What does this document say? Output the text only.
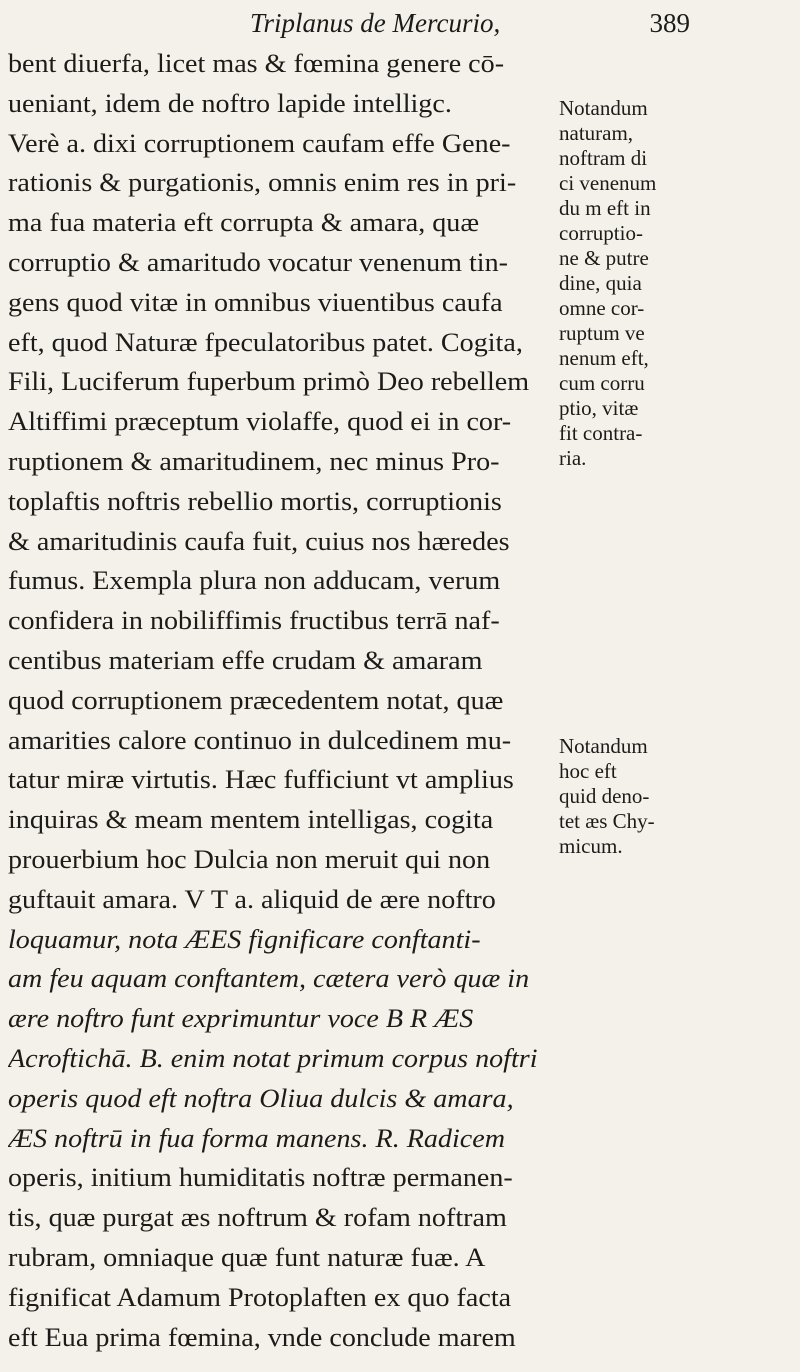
Triplanus de Mercurio,	389
bent diuerfa, licet mas & fœmina genere cō-
ueniant, idem de noftro lapide intelligc.
Verè a. dixi corruptionem caufam effe Gene-
rationis & purgationis, omnis enim res in pri-
ma fua materia eft corrupta & amara, quæ
corruptio & amaritudo vocatur venenum tin-
gens quod vitæ in omnibus viuentibus caufa
eft, quod Naturæ fpeculatoribus patet. Cogita,
Fili, Luciferum fuperbum primò Deo rebellem
Altiffimi præceptum violaffe, quod ei in cor-
ruptionem & amaritudinem, nec minus Pro-
toplaftis noftris rebellio mortis, corruptionis
& amaritudinis caufa fuit, cuius nos hæredes
fumus. Exempla plura non adducam, verum
confidera in nobiliffimis fructibus terrā naf-
centibus materiam effe crudam & amaram
quod corruptionem præcedentem notat, quæ
amarities calore continuo in dulcedinem mu-
tatur miræ virtutis. Hæc fufficiunt vt amplius
inquiras & meam mentem intelligas, cogita
prouerbium hoc Dulcia non meruit qui non
guftauit amara. V T a. aliquid de ære noftro
loquamur, nota ÆES fignificare conftanti-
am feu aquam conftantem, cætera verò quæ in
ære noftro funt exprimuntur voce B R ÆS
Acroftichā. B. enim notat primum corpus noftri
operis quod eft noftra Oliua dulcis & amara,
ÆS noftrū in fua forma manens. R. Radicem
operis, initium humiditatis noftræ permanen-
tis, quæ purgat æs noftrum & rofam noftram
rubram, omniaque quæ funt naturæ fuæ. A
fignificat Adamum Protoplaften ex quo facta
eft Eua prima fœmina, vnde conclude marem
Notandum
naturam,
noftram di
ci venenum
du m eft in
corruptio-
ne & putre
dine, quia
omne cor-
ruptum ve
nenum eft,
cum corru
ptio, vitæ
fit contra-
ria.
Notandum
hoc eft
quid deno-
tet æs Chy-
micum.
